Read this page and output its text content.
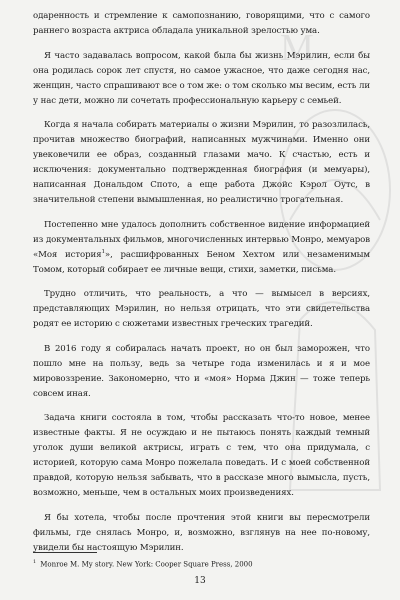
M

одаренность и стремление к самопознанию, говорящими, что с самого раннего возраста актриса обладала уникальной зрелостью ума.

Я часто задавалась вопросом, какой была бы жизнь Мэрилин, если бы она родилась сорок лет спустя, но самое ужасное, что даже сегодня нас, женщин, часто спрашивают все о том же: о том сколько мы весим, есть ли у нас дети, можно ли сочетать профессиональную карьеру с семьей.

Когда я начала собирать материалы о жизни Мэрилин, то разозлилась, прочитав множество биографий, написанных мужчинами. Именно они увековечили ее образ, созданный глазами мачо. К счастью, есть и исключения: документально подтвержденная биография (и мемуары), написанная Дональдом Спото, а еще работа Джойс Кэрол Оутс, в значительной степени вымышленная, но реалистично трогательная.

Постепенно мне удалось дополнить собственное видение информацией из документальных фильмов, многочисленных интервью Монро, мемуаров «Моя история$^1$», расшифрованных Беном Хехтом или незаменимым Томом, который собирает ее личные вещи, стихи, заметки, письма.

Трудно отличить, что реальность, а что — вымысел в версиях, представляющих Мэрилин, но нельзя отрицать, что эти свидетельства родят ее историю с сюжетами известных греческих трагедий.

В 2016 году я собиралась начать проект, но он был заморожен, что пошло мне на пользу, ведь за четыре года изменилась и я и мое мировоззрение. Закономерно, что и «моя» Норма Джин — тоже теперь совсем иная.

Задача книги состояла в том, чтобы рассказать что-то новое, менее известные факты. Я не осуждаю и не пытаюсь понять каждый темный уголок души великой актрисы, играть с тем, что она придумала, с историей, которую сама Монро пожелала поведать. И с моей собственной правдой, которую нельзя забывать, что в рассказе много вымысла, пусть, возможно, меньше, чем в остальных моих произведениях.

Я бы хотела, чтобы после прочтения этой книги вы пересмотрели фильмы, где снялась Монро, и, возможно, взглянув на нее по-новому, увидели бы настоящую Мэрилин.

$^1$ Monroe M. My story. New York: Cooper Square Press, 2000
13
